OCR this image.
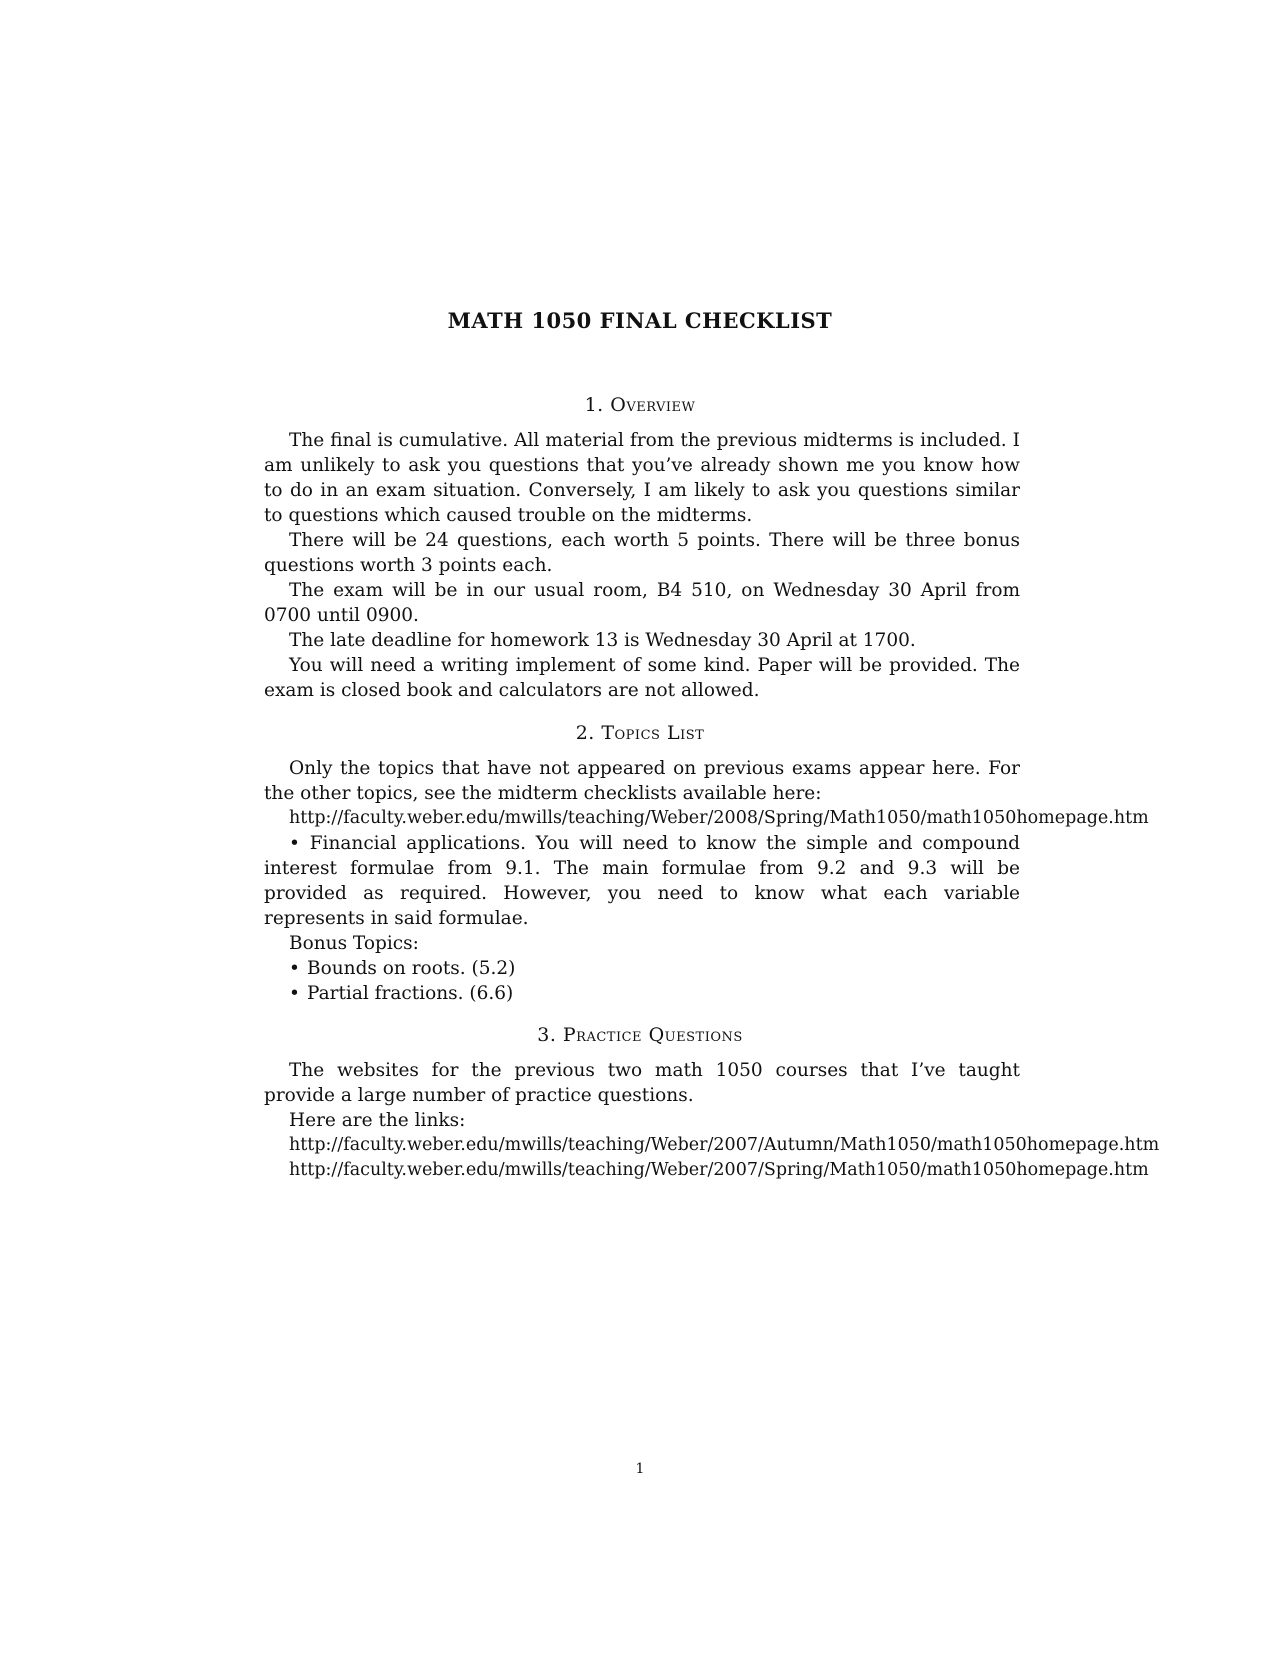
MATH 1050 FINAL CHECKLIST
1. Overview

The final is cumulative. All material from the previous midterms is included. I am unlikely to ask you questions that you’ve already shown me you know how to do in an exam situation. Conversely, I am likely to ask you questions similar to questions which caused trouble on the midterms.

There will be 24 questions, each worth 5 points. There will be three bonus questions worth 3 points each.

The exam will be in our usual room, B4 510, on Wednesday 30 April from 0700 until 0900.

The late deadline for homework 13 is Wednesday 30 April at 1700.

You will need a writing implement of some kind. Paper will be provided. The exam is closed book and calculators are not allowed.

2. Topics List

Only the topics that have not appeared on previous exams appear here. For the other topics, see the midterm checklists available here:

http://faculty.weber.edu/mwills/teaching/Weber/2008/Spring/Math1050/math1050homepage.htm

• Financial applications. You will need to know the simple and compound interest formulae from 9.1. The main formulae from 9.2 and 9.3 will be provided as required. However, you need to know what each variable represents in said formulae.

Bonus Topics:

• Bounds on roots. (5.2)

• Partial fractions. (6.6)

3. Practice Questions

The websites for the previous two math 1050 courses that I’ve taught provide a large number of practice questions.

Here are the links:

http://faculty.weber.edu/mwills/teaching/Weber/2007/Autumn/Math1050/math1050homepage.htm

http://faculty.weber.edu/mwills/teaching/Weber/2007/Spring/Math1050/math1050homepage.htm

1
